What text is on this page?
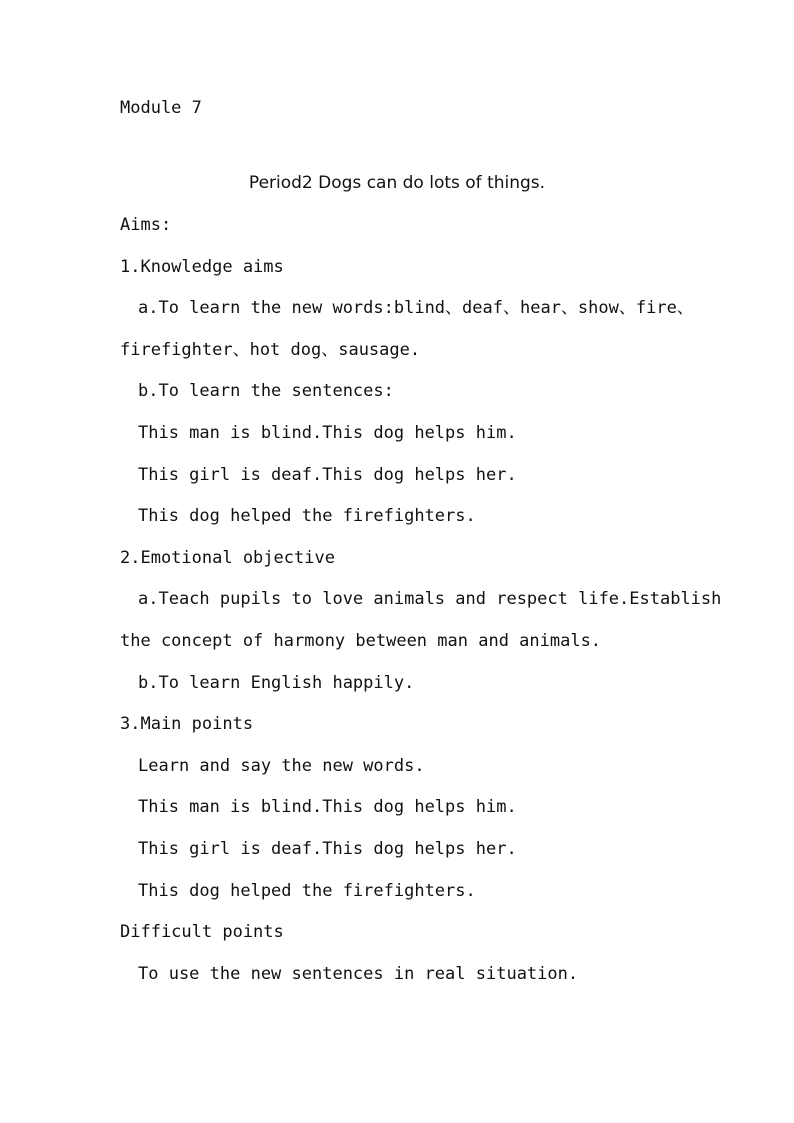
Module 7
Period2 Dogs can do lots of things.
Aims:
1.Knowledge aims
a.To learn the new words:blind、deaf、hear、show、fire、
firefighter、hot dog、sausage.
b.To learn the sentences:
This man is blind.This dog helps him.
This girl is deaf.This dog helps her.
This dog helped the firefighters.
2.Emotional objective
a.Teach pupils to love animals and respect life.Establish
the concept of harmony between man and animals.
b.To learn English happily.
3.Main points
Learn and say the new words.
This man is blind.This dog helps him.
This girl is deaf.This dog helps her.
This dog helped the firefighters.
Difficult points
To use the new sentences in real situation.
